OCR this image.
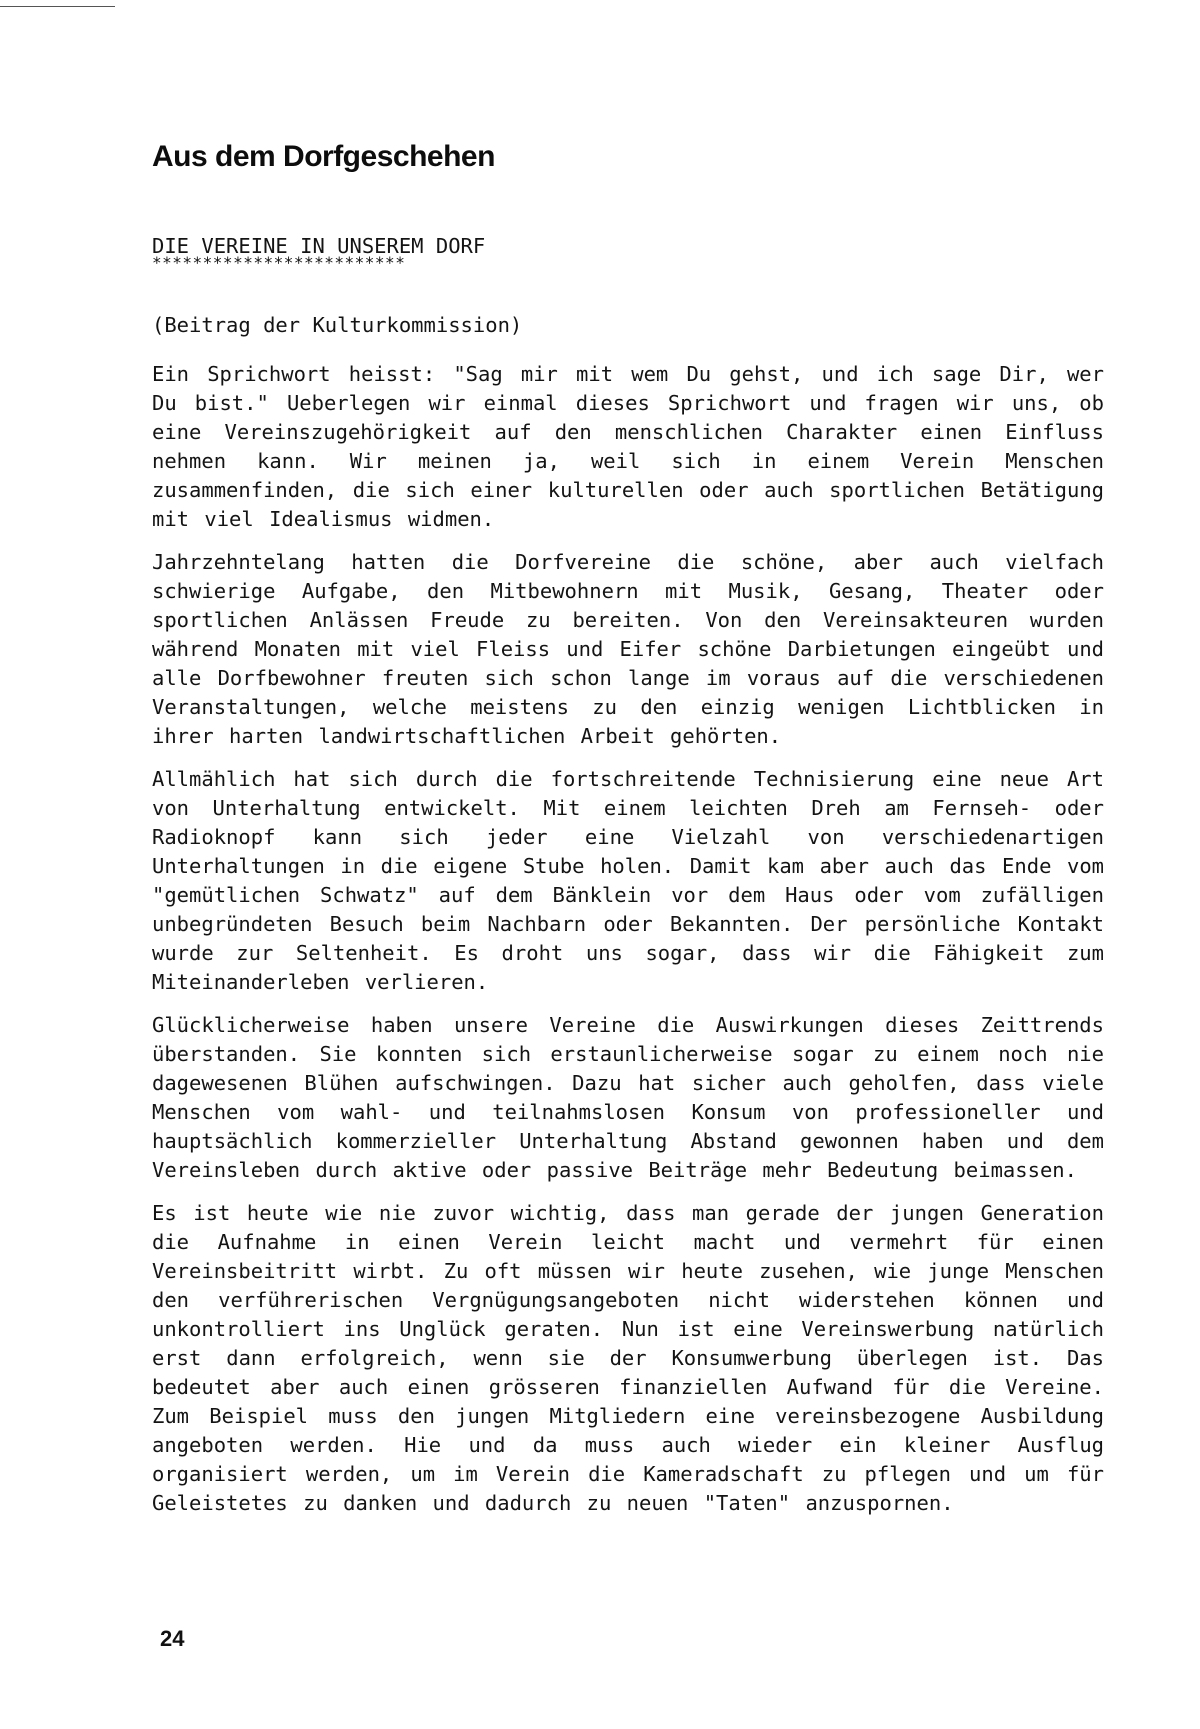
Aus dem Dorfgeschehen

DIE VEREINE IN UNSEREM DORF

*************************

(Beitrag der Kulturkommission)

Ein Sprichwort heisst: "Sag mir mit wem Du gehst, und ich sage Dir, wer Du bist." Ueberlegen wir einmal dieses Sprichwort und fragen wir uns, ob eine Vereinszugehörigkeit auf den menschlichen Charakter einen Einfluss nehmen kann. Wir meinen ja, weil sich in einem Verein Menschen zusammenfinden, die sich einer kulturellen oder auch sportlichen Betätigung mit viel Idealismus widmen.

Jahrzehntelang hatten die Dorfvereine die schöne, aber auch vielfach schwierige Aufgabe, den Mitbewohnern mit Musik, Gesang, Theater oder sportlichen Anlässen Freude zu bereiten. Von den Vereinsakteuren wurden während Monaten mit viel Fleiss und Eifer schöne Darbietungen eingeübt und alle Dorfbewohner freuten sich schon lange im voraus auf die verschiedenen Veranstaltungen, welche meistens zu den einzig wenigen Lichtblicken in ihrer harten landwirtschaftlichen Arbeit gehörten.

Allmählich hat sich durch die fortschreitende Technisierung eine neue Art von Unterhaltung entwickelt. Mit einem leichten Dreh am Fernseh- oder Radioknopf kann sich jeder eine Vielzahl von verschiedenartigen Unterhaltungen in die eigene Stube holen. Damit kam aber auch das Ende vom "gemütlichen Schwatz" auf dem Bänklein vor dem Haus oder vom zufälligen unbegründeten Besuch beim Nachbarn oder Bekannten. Der persönliche Kontakt wurde zur Seltenheit. Es droht uns sogar, dass wir die Fähigkeit zum Miteinanderleben verlieren.

Glücklicherweise haben unsere Vereine die Auswirkungen dieses Zeittrends überstanden. Sie konnten sich erstaunlicherweise sogar zu einem noch nie dagewesenen Blühen aufschwingen. Dazu hat sicher auch geholfen, dass viele Menschen vom wahl- und teilnahmslosen Konsum von professioneller und hauptsächlich kommerzieller Unterhaltung Abstand gewonnen haben und dem Vereinsleben durch aktive oder passive Beiträge mehr Bedeutung beimassen.

Es ist heute wie nie zuvor wichtig, dass man gerade der jungen Generation die Aufnahme in einen Verein leicht macht und vermehrt für einen Vereinsbeitritt wirbt. Zu oft müssen wir heute zusehen, wie junge Menschen den verführerischen Vergnügungsangeboten nicht widerstehen können und unkontrolliert ins Unglück geraten. Nun ist eine Vereinswerbung natürlich erst dann erfolgreich, wenn sie der Konsumwerbung überlegen ist. Das bedeutet aber auch einen grösseren finanziellen Aufwand für die Vereine. Zum Beispiel muss den jungen Mitgliedern eine vereinsbezogene Ausbildung angeboten werden. Hie und da muss auch wieder ein kleiner Ausflug organisiert werden, um im Verein die Kameradschaft zu pflegen und um für Geleistetes zu danken und dadurch zu neuen "Taten" anzuspornen.

24
